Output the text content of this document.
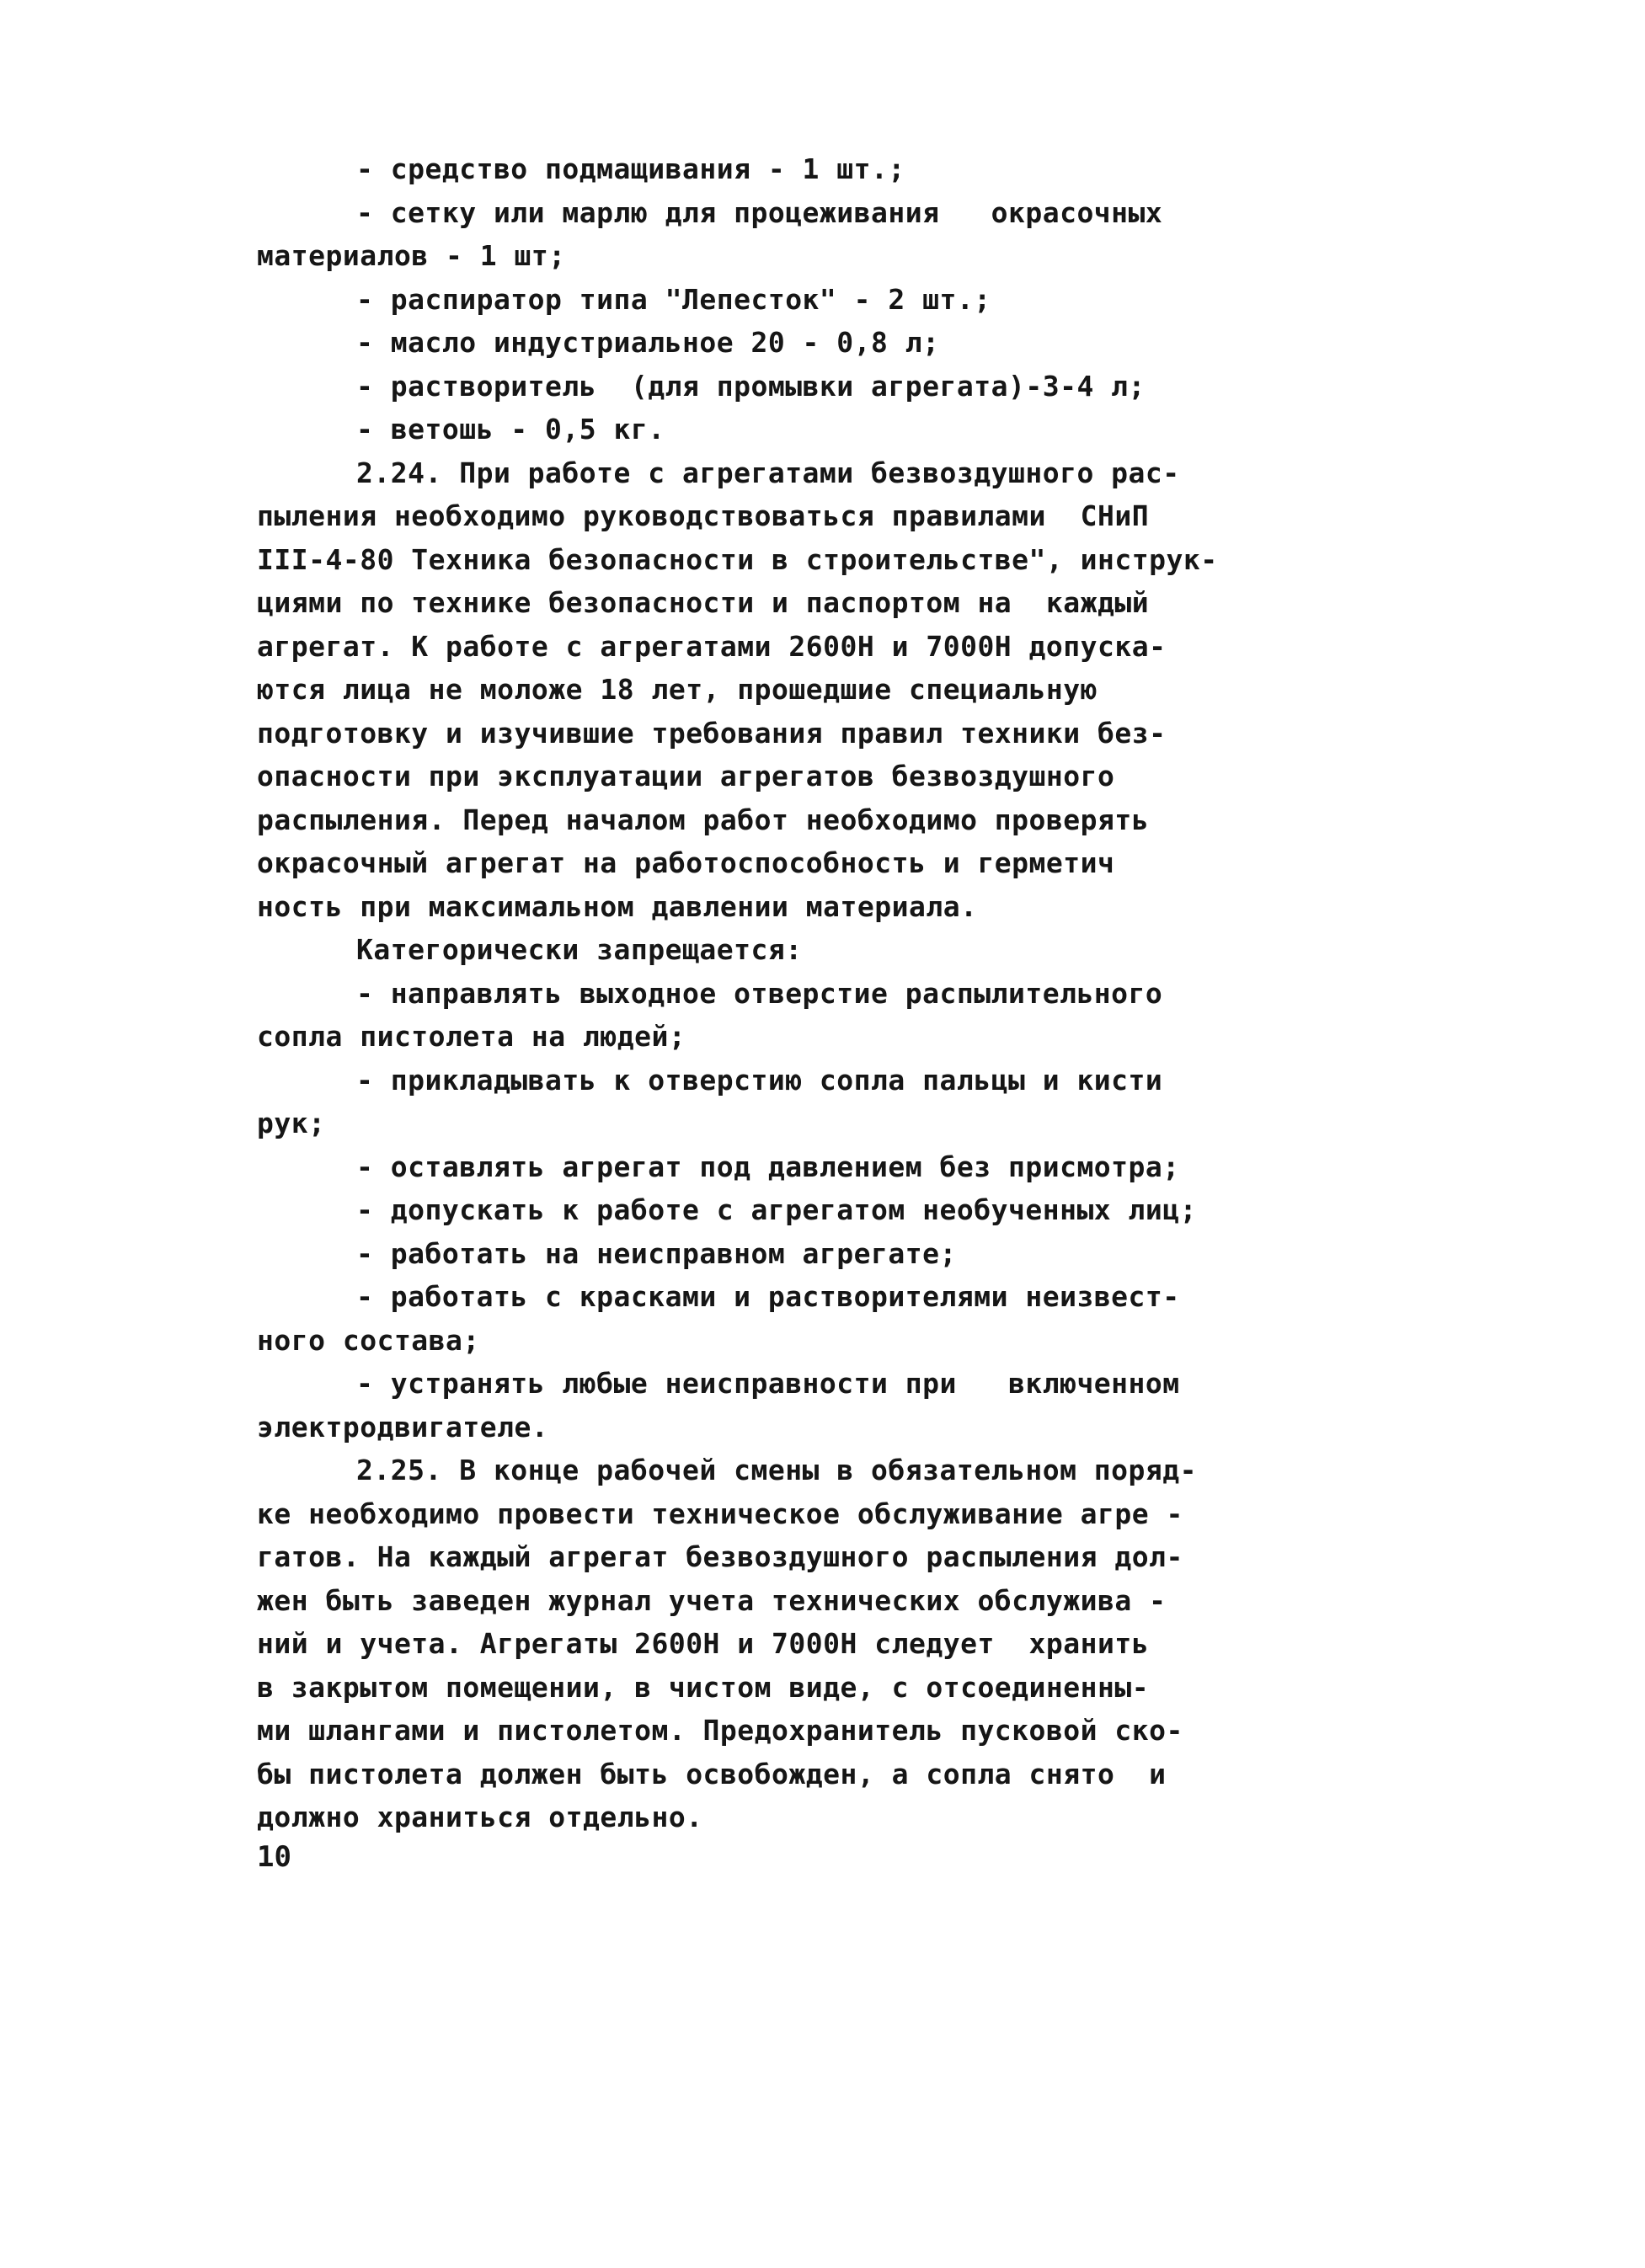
- средство подмащивания - 1 шт.;
- сетку или марлю для процеживания   окрасочных
материалов - 1 шт;
- распиратор типа "Лепесток" - 2 шт.;
- масло индустриальное 20 - 0,8 л;
- растворитель  (для промывки агрегата)-3-4 л;
- ветошь - 0,5 кг.
2.24. При работе с агрегатами безвоздушного рас-
пыления необходимо руководствоваться правилами  СНиП
III-4-80 Техника безопасности в строительстве", инструк-
циями по технике безопасности и паспортом на  каждый
агрегат. К работе с агрегатами 2600Н и 7000Н допуска-
ются лица не моложе 18 лет, прошедшие специальную
подготовку и изучившие требования правил техники без-
опасности при эксплуатации агрегатов безвоздушного
распыления. Перед началом работ необходимо проверять
окрасочный агрегат на работоспособность и герметич
ность при максимальном давлении материала.
Категорически запрещается:
- направлять выходное отверстие распылительного
сопла пистолета на людей;
- прикладывать к отверстию сопла пальцы и кисти
рук;
- оставлять агрегат под давлением без присмотра;
- допускать к работе с агрегатом необученных лиц;
- работать на неисправном агрегате;
- работать с красками и растворителями неизвест-
ного состава;
- устранять любые неисправности при   включенном
электродвигателе.
2.25. В конце рабочей смены в обязательном поряд-
ке необходимо провести техническое обслуживание агре -
гатов. На каждый агрегат безвоздушного распыления дол-
жен быть заведен журнал учета технических обслужива -
ний и учета. Агрегаты 2600Н и 7000Н следует  хранить
в закрытом помещении, в чистом виде, с отсоединенны-
ми шлангами и пистолетом. Предохранитель пусковой ско-
бы пистолета должен быть освобожден, а сопла снято  и
должно храниться отдельно.
10
